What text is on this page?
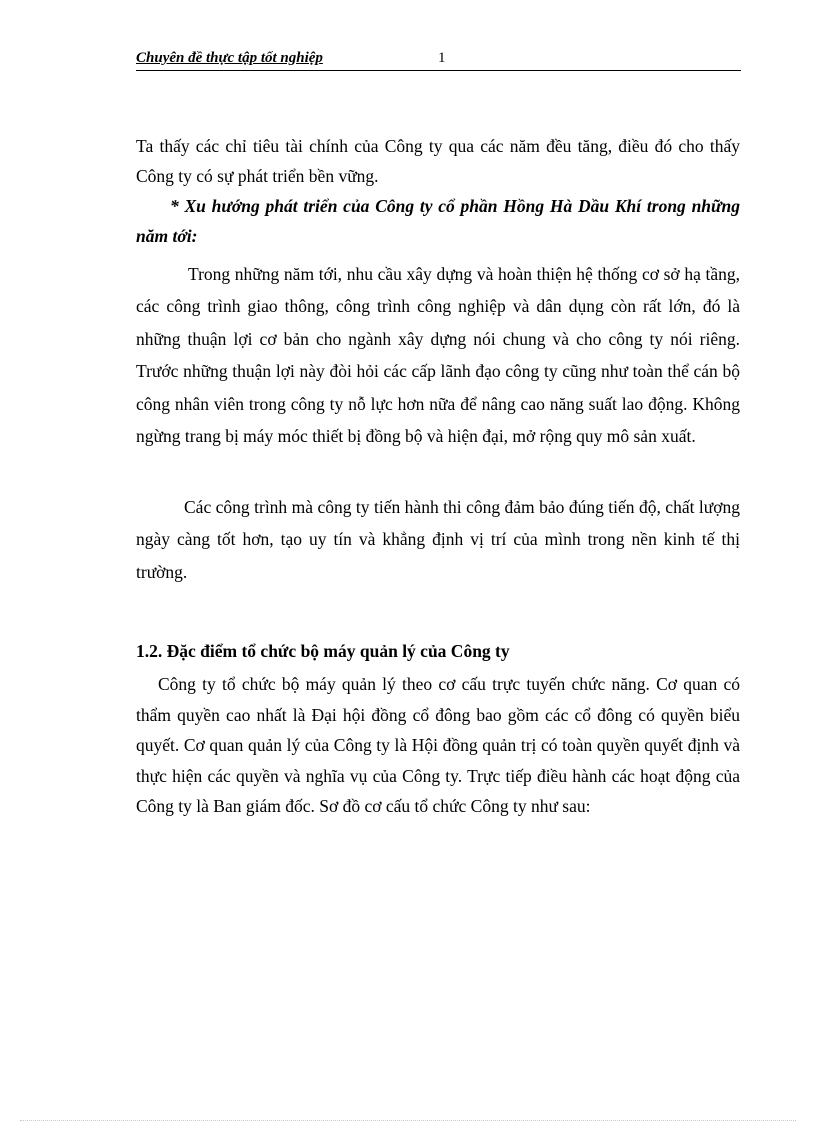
Chuyên đề thực tập tốt nghiệp	1

Ta thấy các chỉ tiêu tài chính của Công ty qua các năm đều tăng, điều đó cho thấy Công ty có sự phát triển bền vững.

* Xu hướng phát triển của Công ty cổ phần Hồng Hà Dầu Khí trong những năm tới:

Trong những năm tới, nhu cầu xây dựng và hoàn thiện hệ thống cơ sở hạ tầng, các công trình giao thông, công trình công nghiệp và dân dụng còn rất lớn, đó là những thuận lợi cơ bản cho ngành xây dựng nói chung và cho công ty nói riêng. Trước những thuận lợi này đòi hỏi các cấp lãnh đạo công ty cũng như toàn thể cán bộ công nhân viên trong công ty nỗ lực hơn nữa để nâng cao năng suất lao động. Không ngừng trang bị máy móc thiết bị đồng bộ và hiện đại, mở rộng quy mô sản xuất.

Các công trình mà công ty tiến hành thi công đảm bảo đúng tiến độ, chất lượng ngày càng tốt hơn, tạo uy tín và khẳng định vị trí của mình trong nền kinh tế thị trường.

1.2. Đặc điểm tổ chức bộ máy quản lý của Công ty

Công ty tổ chức bộ máy quản lý theo cơ cấu trực tuyến chức năng. Cơ quan có thẩm quyền cao nhất là Đại hội đồng cổ đông bao gồm các cổ đông có quyền biểu quyết. Cơ quan quản lý của Công ty là Hội đồng quản trị có toàn quyền quyết định và thực hiện các quyền và nghĩa vụ của Công ty. Trực tiếp điều hành các hoạt động của Công ty là Ban giám đốc. Sơ đồ cơ cấu tổ chức Công ty như sau:
